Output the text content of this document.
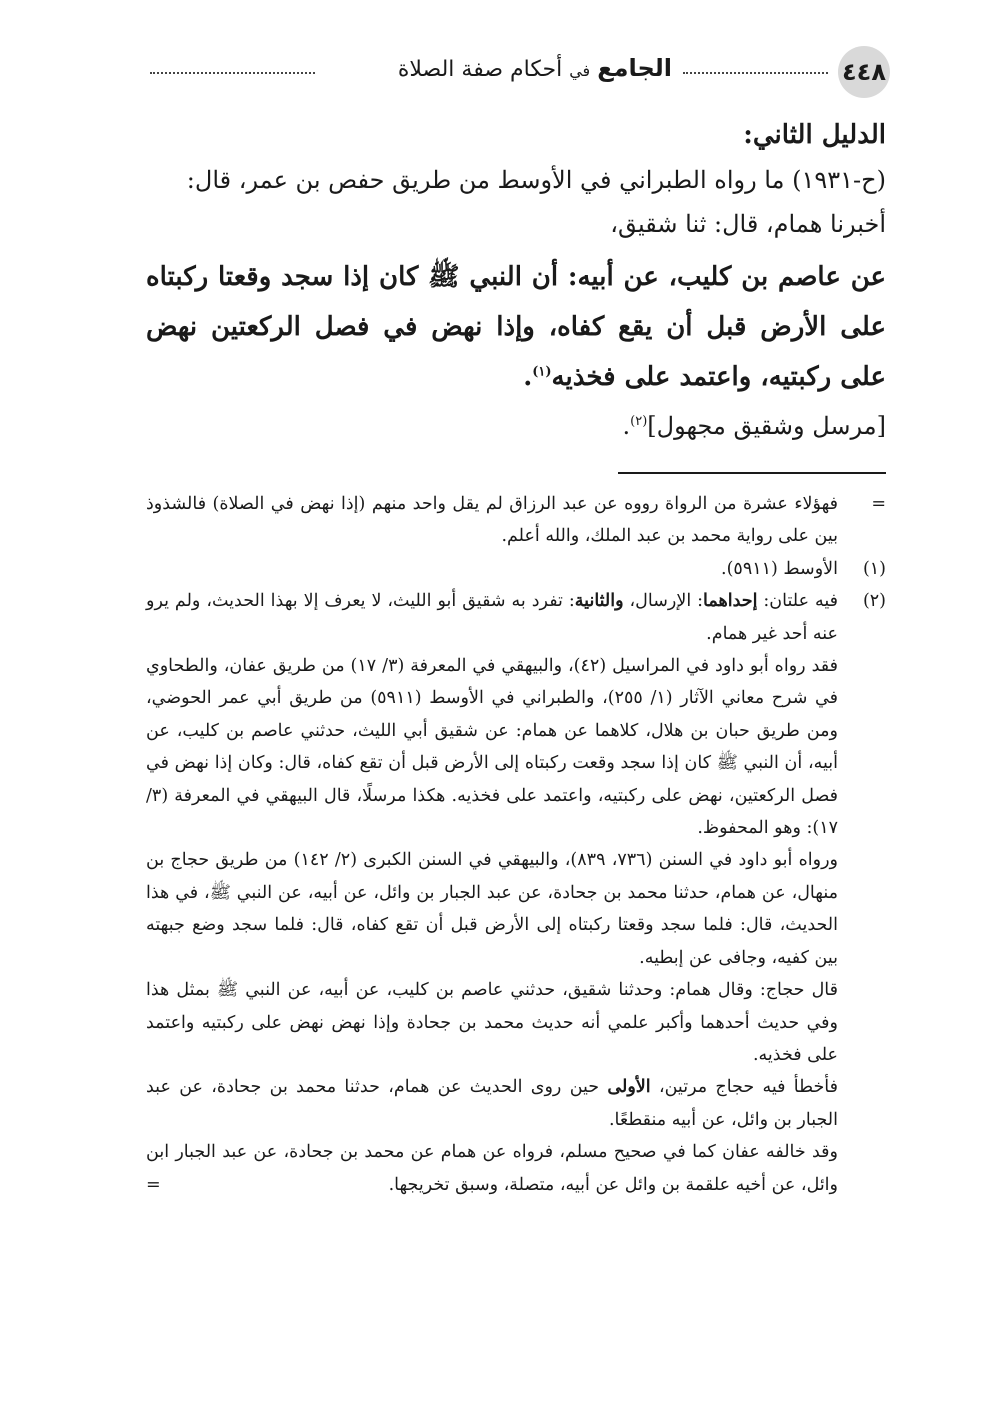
٤٤٨
الجامع في أحكام صفة الصلاة

الدليل الثاني:

(ح-١٩٣١) ما رواه الطبراني في الأوسط من طريق حفص بن عمر، قال:

أخبرنا همام، قال: ثنا شقيق،

عن عاصم بن كليب، عن أبيه: أن النبي ﷺ كان إذا سجد وقعتا ركبتاه على الأرض قبل أن يقع كفاه، وإذا نهض في فصل الركعتين نهض على ركبتيه، واعتمد على فخذيه$^{(١)}$.

[مرسل وشقيق مجهول]$^{(٢)}$.

=

فهؤلاء عشرة من الرواة رووه عن عبد الرزاق لم يقل واحد منهم (إذا نهض في الصلاة) فالشذوذ بين على رواية محمد بن عبد الملك، والله أعلم.

(١)

الأوسط (٥٩١١).

(٢)

فيه علتان: إحداهما: الإرسال، والثانية: تفرد به شقيق أبو الليث، لا يعرف إلا بهذا الحديث، ولم يرو عنه أحد غير همام.

فقد رواه أبو داود في المراسيل (٤٢)، والبيهقي في المعرفة (٣/ ١٧) من طريق عفان، والطحاوي في شرح معاني الآثار (١/ ٢٥٥)، والطبراني في الأوسط (٥٩١١) من طريق أبي عمر الحوضي، ومن طريق حبان بن هلال، كلاهما عن همام: عن شقيق أبي الليث، حدثني عاصم بن كليب، عن أبيه، أن النبي ﷺ كان إذا سجد وقعت ركبتاه إلى الأرض قبل أن تقع كفاه، قال: وكان إذا نهض في فصل الركعتين، نهض على ركبتيه، واعتمد على فخذيه. هكذا مرسلًا، قال البيهقي في المعرفة (٣/ ١٧): وهو المحفوظ.

ورواه أبو داود في السنن (٧٣٦، ٨٣٩)، والبيهقي في السنن الكبرى (٢/ ١٤٢) من طريق حجاج بن منهال، عن همام، حدثنا محمد بن جحادة، عن عبد الجبار بن وائل، عن أبيه، عن النبي ﷺ، في هذا الحديث، قال: فلما سجد وقعتا ركبتاه إلى الأرض قبل أن تقع كفاه، قال: فلما سجد وضع جبهته بين كفيه، وجافى عن إبطيه.

قال حجاج: وقال همام: وحدثنا شقيق، حدثني عاصم بن كليب، عن أبيه، عن النبي ﷺ بمثل هذا وفي حديث أحدهما وأكبر علمي أنه حديث محمد بن جحادة وإذا نهض نهض على ركبتيه واعتمد على فخذيه.

فأخطأ فيه حجاج مرتين، الأولى حين روى الحديث عن همام، حدثنا محمد بن جحادة، عن عبد الجبار بن وائل، عن أبيه منقطعًا.

وقد خالفه عفان كما في صحيح مسلم، فرواه عن همام عن محمد بن جحادة، عن عبد الجبار ابن وائل، عن أخيه علقمة بن وائل عن أبيه، متصلة، وسبق تخريجها.

=
